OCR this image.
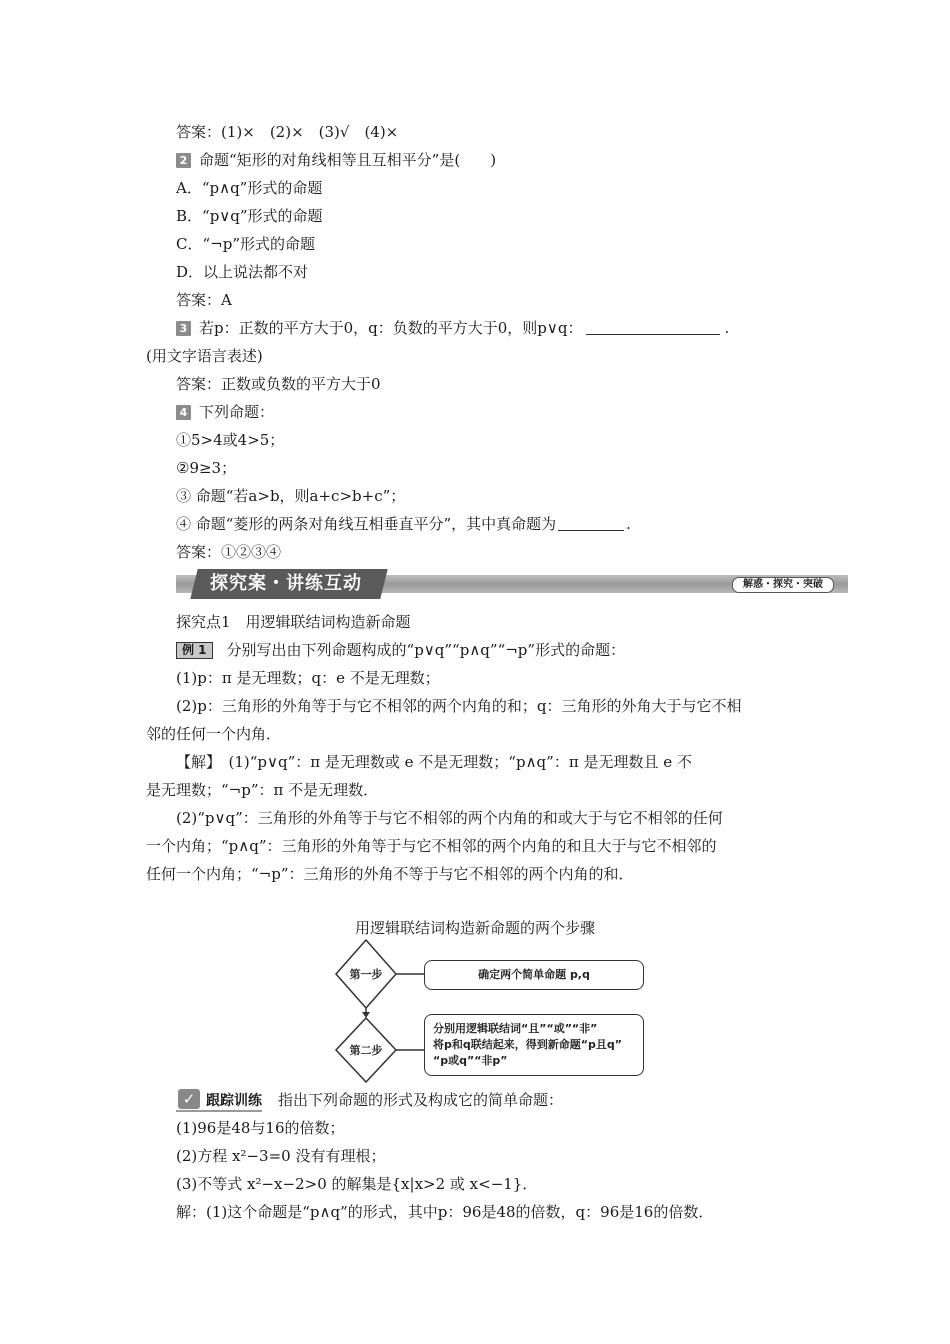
答案：(1)×　(2)×　(3)√　(4)×
2 命题“矩形的对角线相等且互相平分”是(　　)
A．“p∧q”形式的命题
B．“p∨q”形式的命题
C．“¬p”形式的命题
D．以上说法都不对
答案：A
3 若p：正数的平方大于0，q：负数的平方大于0，则p∨q：	.
(用文字语言表述)
答案：正数或负数的平方大于0
4 下列命题：
①5>4或4>5；
②9≥3；
③ 命题“若a>b，则a+c>b+c”；
④ 命题“菱形的两条对角线互相垂直平分”，其中真命题为	.
答案：①②③④
探究案・讲练互动	解惑・探究・突破
探究点1　用逻辑联结词构造新命题
例 1 分别写出由下列命题构成的“p∨q”“p∧q”“¬p”形式的命题：
(1)p：π 是无理数；q：e 不是无理数；
(2)p：三角形的外角等于与它不相邻的两个内角的和；q：三角形的外角大于与它不相
邻的任何一个内角．
【解】　(1)“p∨q”：π 是无理数或 e 不是无理数；“p∧q”：π 是无理数且 e 不
是无理数；“¬p”：π 不是无理数．
(2)“p∨q”：三角形的外角等于与它不相邻的两个内角的和或大于与它不相邻的任何
一个内角；“p∧q”：三角形的外角等于与它不相邻的两个内角的和且大于与它不相邻的
任何一个内角；“¬p”：三角形的外角不等于与它不相邻的两个内角的和．
用逻辑联结词构造新命题的两个步骤
第一步
第二步
确定两个简单命题 p,q
分别用逻辑联结词“且”“或”“非”
将p和q联结起来，得到新命题“p且q”
“p或q”“非p”
✓ 跟踪训练 指出下列命题的形式及构成它的简单命题：
(1)96是48与16的倍数；
(2)方程 x²−3=0 没有有理根；
(3)不等式 x²−x−2>0 的解集是{x|x>2 或 x<−1}．
解：(1)这个命题是“p∧q”的形式，其中p：96是48的倍数，q：96是16的倍数．
